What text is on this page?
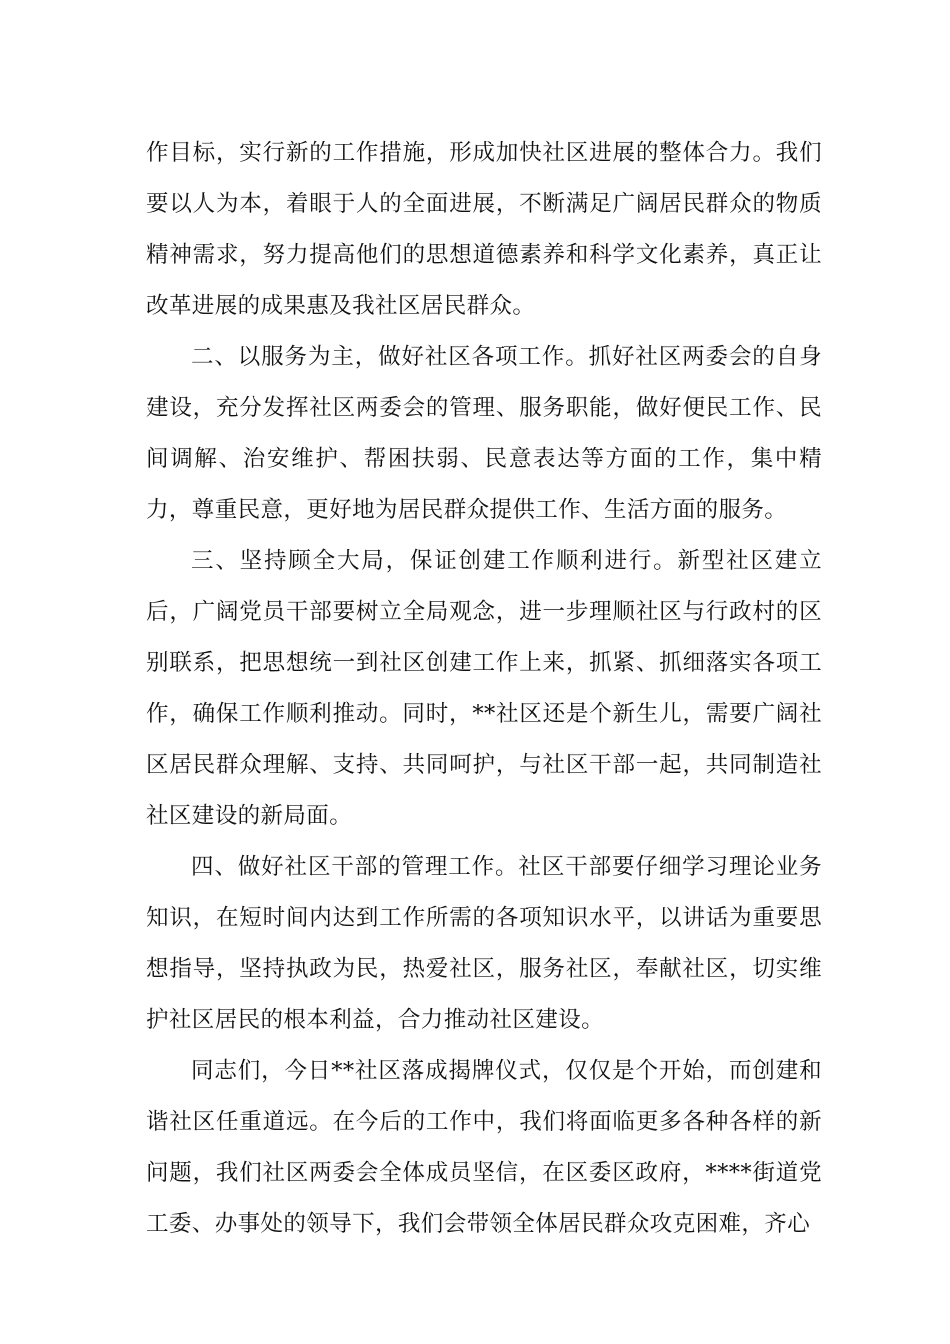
作目标，实行新的工作措施，形成加快社区进展的整体合力。我们要以人为本，着眼于人的全面进展，不断满足广阔居民群众的物质精神需求，努力提高他们的思想道德素养和科学文化素养，真正让改革进展的成果惠及我社区居民群众。

二、以服务为主，做好社区各项工作。抓好社区两委会的自身建设，充分发挥社区两委会的管理、服务职能，做好便民工作、民间调解、治安维护、帮困扶弱、民意表达等方面的工作，集中精力，尊重民意，更好地为居民群众提供工作、生活方面的服务。

三、坚持顾全大局，保证创建工作顺利进行。新型社区建立后，广阔党员干部要树立全局观念，进一步理顺社区与行政村的区别联系，把思想统一到社区创建工作上来，抓紧、抓细落实各项工作，确保工作顺利推动。同时，**社区还是个新生儿，需要广阔社区居民群众理解、支持、共同呵护，与社区干部一起，共同制造社社区建设的新局面。

四、做好社区干部的管理工作。社区干部要仔细学习理论业务知识，在短时间内达到工作所需的各项知识水平，以讲话为重要思想指导，坚持执政为民，热爱社区，服务社区，奉献社区，切实维护社区居民的根本利益，合力推动社区建设。

同志们，今日**社区落成揭牌仪式，仅仅是个开始，而创建和谐社区任重道远。在今后的工作中，我们将面临更多各种各样的新问题，我们社区两委会全体成员坚信，在区委区政府，****街道党工委、办事处的领导下，我们会带领全体居民群众攻克困难，齐心
